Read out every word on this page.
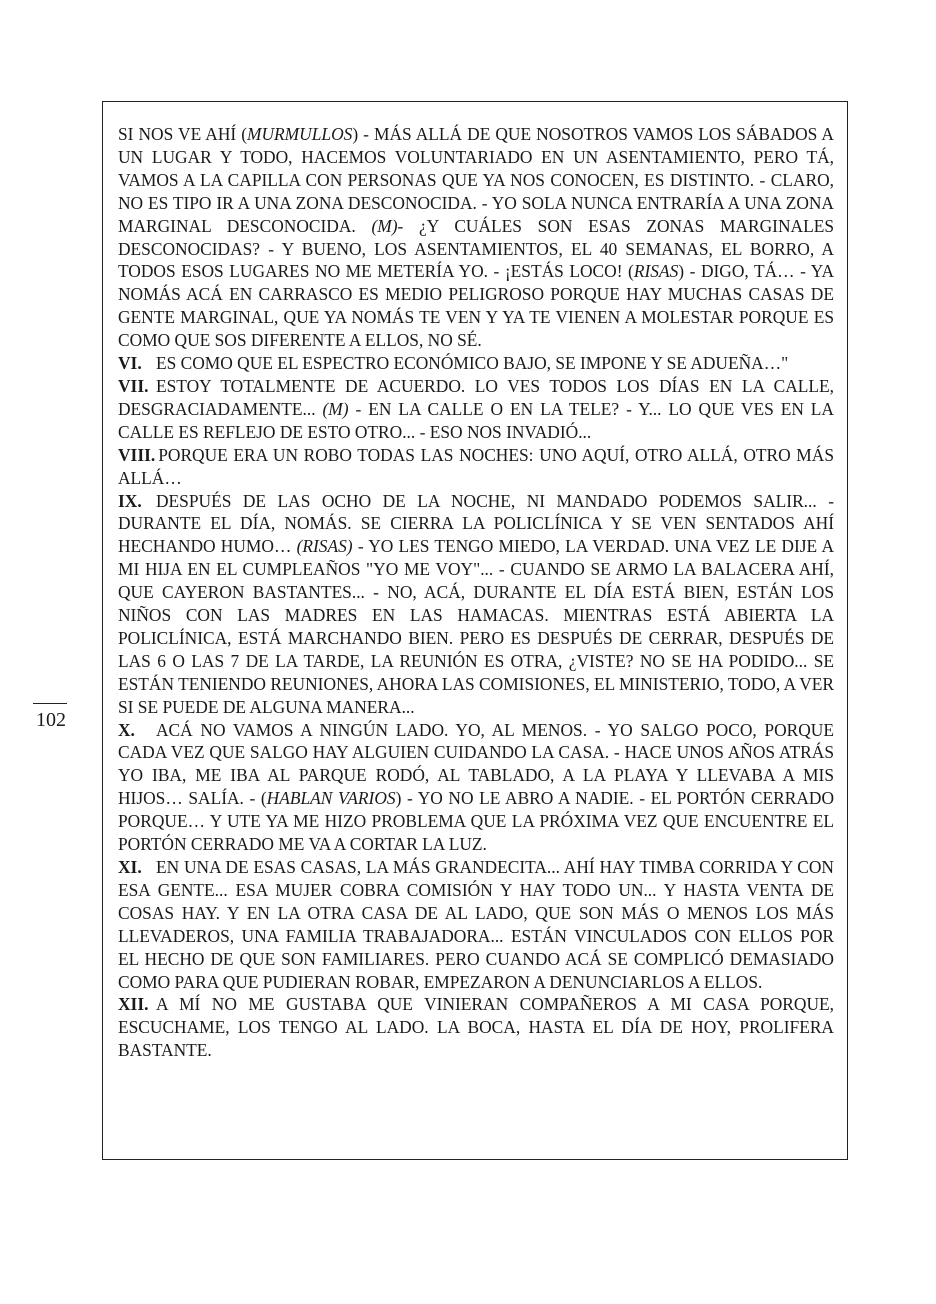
102

SI NOS VE AHÍ (MURMULLOS) - MÁS ALLÁ DE QUE NOSOTROS VAMOS LOS SÁBADOS A UN LUGAR Y TODO, HACEMOS VOLUNTARIADO EN UN ASENTAMIENTO, PERO TÁ, VAMOS A LA CAPILLA CON PERSONAS QUE YA NOS CONOCEN, ES DISTINTO. - CLARO, NO ES TIPO IR A UNA ZONA DESCONOCIDA. - YO SOLA NUNCA ENTRARÍA A UNA ZONA MARGINAL DESCONOCIDA. (M)- ¿Y CUÁLES SON ESAS ZONAS MARGINALES DESCONOCIDAS? - Y BUENO, LOS ASENTAMIENTOS, EL 40 SEMANAS, EL BORRO, A TODOS ESOS LUGARES NO ME METERÍA YO. - ¡ESTÁS LOCO! (RISAS) - DIGO, TÁ… - YA NOMÁS ACÁ EN CARRASCO ES MEDIO PELIGROSO PORQUE HAY MUCHAS CASAS DE GENTE MARGINAL, QUE YA NOMÁS TE VEN Y YA TE VIENEN A MOLESTAR PORQUE ES COMO QUE SOS DIFERENTE A ELLOS, NO SÉ.

VI. ES COMO QUE EL ESPECTRO ECONÓMICO BAJO, SE IMPONE Y SE ADUEÑA…"

VII. ESTOY TOTALMENTE DE ACUERDO. LO VES TODOS LOS DÍAS EN LA CALLE, DESGRACIADAMENTE... (M) - EN LA CALLE O EN LA TELE? - Y... LO QUE VES EN LA CALLE ES REFLEJO DE ESTO OTRO... - ESO NOS INVADIÓ...

VIII. PORQUE ERA UN ROBO TODAS LAS NOCHES: UNO AQUÍ, OTRO ALLÁ, OTRO MÁS ALLÁ…

IX. DESPUÉS DE LAS OCHO DE LA NOCHE, NI MANDADO PODEMOS SALIR... - DURANTE EL DÍA, NOMÁS. SE CIERRA LA POLICLÍNICA Y SE VEN SENTADOS AHÍ HECHANDO HUMO… (RISAS) - YO LES TENGO MIEDO, LA VERDAD. UNA VEZ LE DIJE A MI HIJA EN EL CUMPLEAÑOS "YO ME VOY"... - CUANDO SE ARMO LA BALACERA AHÍ, QUE CAYERON BASTANTES... - NO, ACÁ, DURANTE EL DÍA ESTÁ BIEN, ESTÁN LOS NIÑOS CON LAS MADRES EN LAS HAMACAS. MIENTRAS ESTÁ ABIERTA LA POLICLÍNICA, ESTÁ MARCHANDO BIEN. PERO ES DESPUÉS DE CERRAR, DESPUÉS DE LAS 6 O LAS 7 DE LA TARDE, LA REUNIÓN ES OTRA, ¿VISTE? NO SE HA PODIDO... SE ESTÁN TENIENDO REUNIONES, AHORA LAS COMISIONES, EL MINISTERIO, TODO, A VER SI SE PUEDE DE ALGUNA MANERA...

X. ACÁ NO VAMOS A NINGÚN LADO. YO, AL MENOS. - YO SALGO POCO, PORQUE CADA VEZ QUE SALGO HAY ALGUIEN CUIDANDO LA CASA. - HACE UNOS AÑOS ATRÁS YO IBA, ME IBA AL PARQUE RODÓ, AL TABLADO, A LA PLAYA Y LLEVABA A MIS HIJOS… SALÍA. - (HABLAN VARIOS) - YO NO LE ABRO A NADIE. - EL PORTÓN CERRADO PORQUE… Y UTE YA ME HIZO PROBLEMA QUE LA PRÓXIMA VEZ QUE ENCUENTRE EL PORTÓN CERRADO ME VA A CORTAR LA LUZ.

XI. EN UNA DE ESAS CASAS, LA MÁS GRANDECITA... AHÍ HAY TIMBA CORRIDA Y CON ESA GENTE... ESA MUJER COBRA COMISIÓN Y HAY TODO UN... Y HASTA VENTA DE COSAS HAY. Y EN LA OTRA CASA DE AL LADO, QUE SON MÁS O MENOS LOS MÁS LLEVADEROS, UNA FAMILIA TRABAJADORA... ESTÁN VINCULADOS CON ELLOS POR EL HECHO DE QUE SON FAMILIARES. PERO CUANDO ACÁ SE COMPLICÓ DEMASIADO COMO PARA QUE PUDIERAN ROBAR, EMPEZARON A DENUNCIARLOS A ELLOS.

XII. A MÍ NO ME GUSTABA QUE VINIERAN COMPAÑEROS A MI CASA PORQUE, ESCUCHAME, LOS TENGO AL LADO. LA BOCA, HASTA EL DÍA DE HOY, PROLIFERA BASTANTE.
